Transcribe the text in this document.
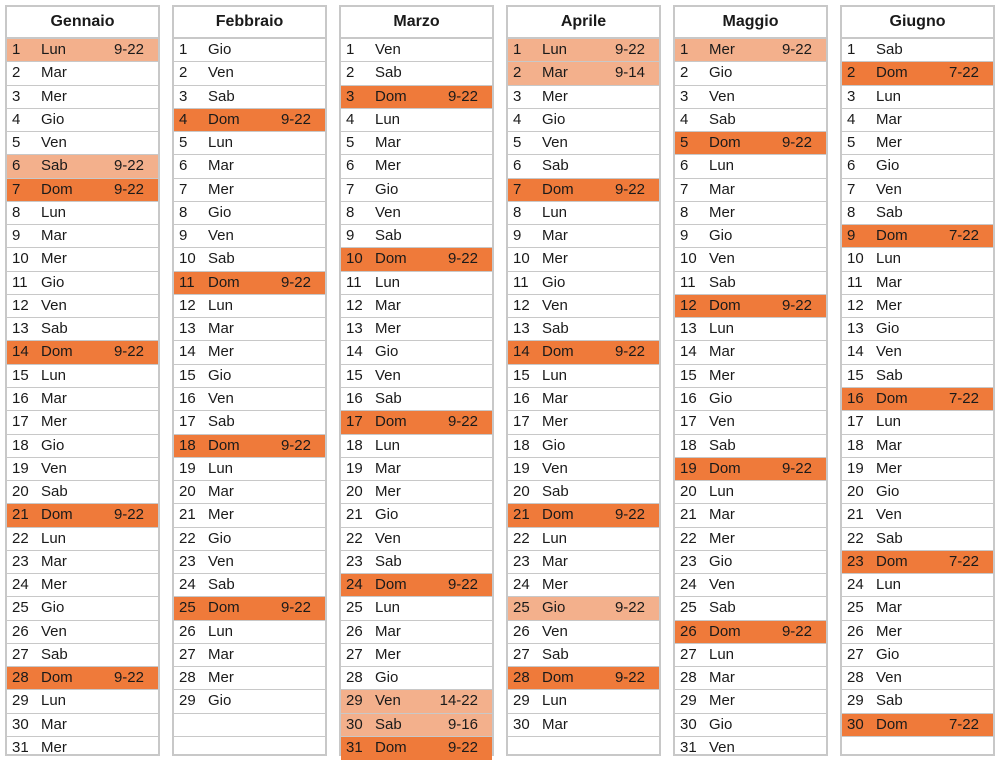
Gennaio
1 Lun	9-22
2 Mar
3 Mer
4 Gio
5 Ven
6 Sab	9-22
7 Dom	9-22
8 Lun
9 Mar
10 Mer
11 Gio
12 Ven
13 Sab
14 Dom	9-22
15 Lun
16 Mar
17 Mer
18 Gio
19 Ven
20 Sab
21 Dom	9-22
22 Lun
23 Mar
24 Mer
25 Gio
26 Ven
27 Sab
28 Dom	9-22
29 Lun
30 Mar
31 Mer
Febbraio
1 Gio
2 Ven
3 Sab
4 Dom	9-22
5 Lun
6 Mar
7 Mer
8 Gio
9 Ven
10 Sab
11 Dom	9-22
12 Lun
13 Mar
14 Mer
15 Gio
16 Ven
17 Sab
18 Dom	9-22
19 Lun
20 Mar
21 Mer
22 Gio
23 Ven
24 Sab
25 Dom	9-22
26 Lun
27 Mar
28 Mer
29 Gio
Marzo
1 Ven
2 Sab
3 Dom	9-22
4 Lun
5 Mar
6 Mer
7 Gio
8 Ven
9 Sab
10 Dom	9-22
11 Lun
12 Mar
13 Mer
14 Gio
15 Ven
16 Sab
17 Dom	9-22
18 Lun
19 Mar
20 Mer
21 Gio
22 Ven
23 Sab
24 Dom	9-22
25 Lun
26 Mar
27 Mer
28 Gio
29 Ven	14-22
30 Sab	9-16
31 Dom	9-22
Aprile
1 Lun	9-22
2 Mar	9-14
3 Mer
4 Gio
5 Ven
6 Sab
7 Dom	9-22
8 Lun
9 Mar
10 Mer
11 Gio
12 Ven
13 Sab
14 Dom	9-22
15 Lun
16 Mar
17 Mer
18 Gio
19 Ven
20 Sab
21 Dom	9-22
22 Lun
23 Mar
24 Mer
25 Gio	9-22
26 Ven
27 Sab
28 Dom	9-22
29 Lun
30 Mar
Maggio
1 Mer	9-22
2 Gio
3 Ven
4 Sab
5 Dom	9-22
6 Lun
7 Mar
8 Mer
9 Gio
10 Ven
11 Sab
12 Dom	9-22
13 Lun
14 Mar
15 Mer
16 Gio
17 Ven
18 Sab
19 Dom	9-22
20 Lun
21 Mar
22 Mer
23 Gio
24 Ven
25 Sab
26 Dom	9-22
27 Lun
28 Mar
29 Mer
30 Gio
31 Ven
Giugno
1 Sab
2 Dom	7-22
3 Lun
4 Mar
5 Mer
6 Gio
7 Ven
8 Sab
9 Dom	7-22
10 Lun
11 Mar
12 Mer
13 Gio
14 Ven
15 Sab
16 Dom	7-22
17 Lun
18 Mar
19 Mer
20 Gio
21 Ven
22 Sab
23 Dom	7-22
24 Lun
25 Mar
26 Mer
27 Gio
28 Ven
29 Sab
30 Dom	7-22
